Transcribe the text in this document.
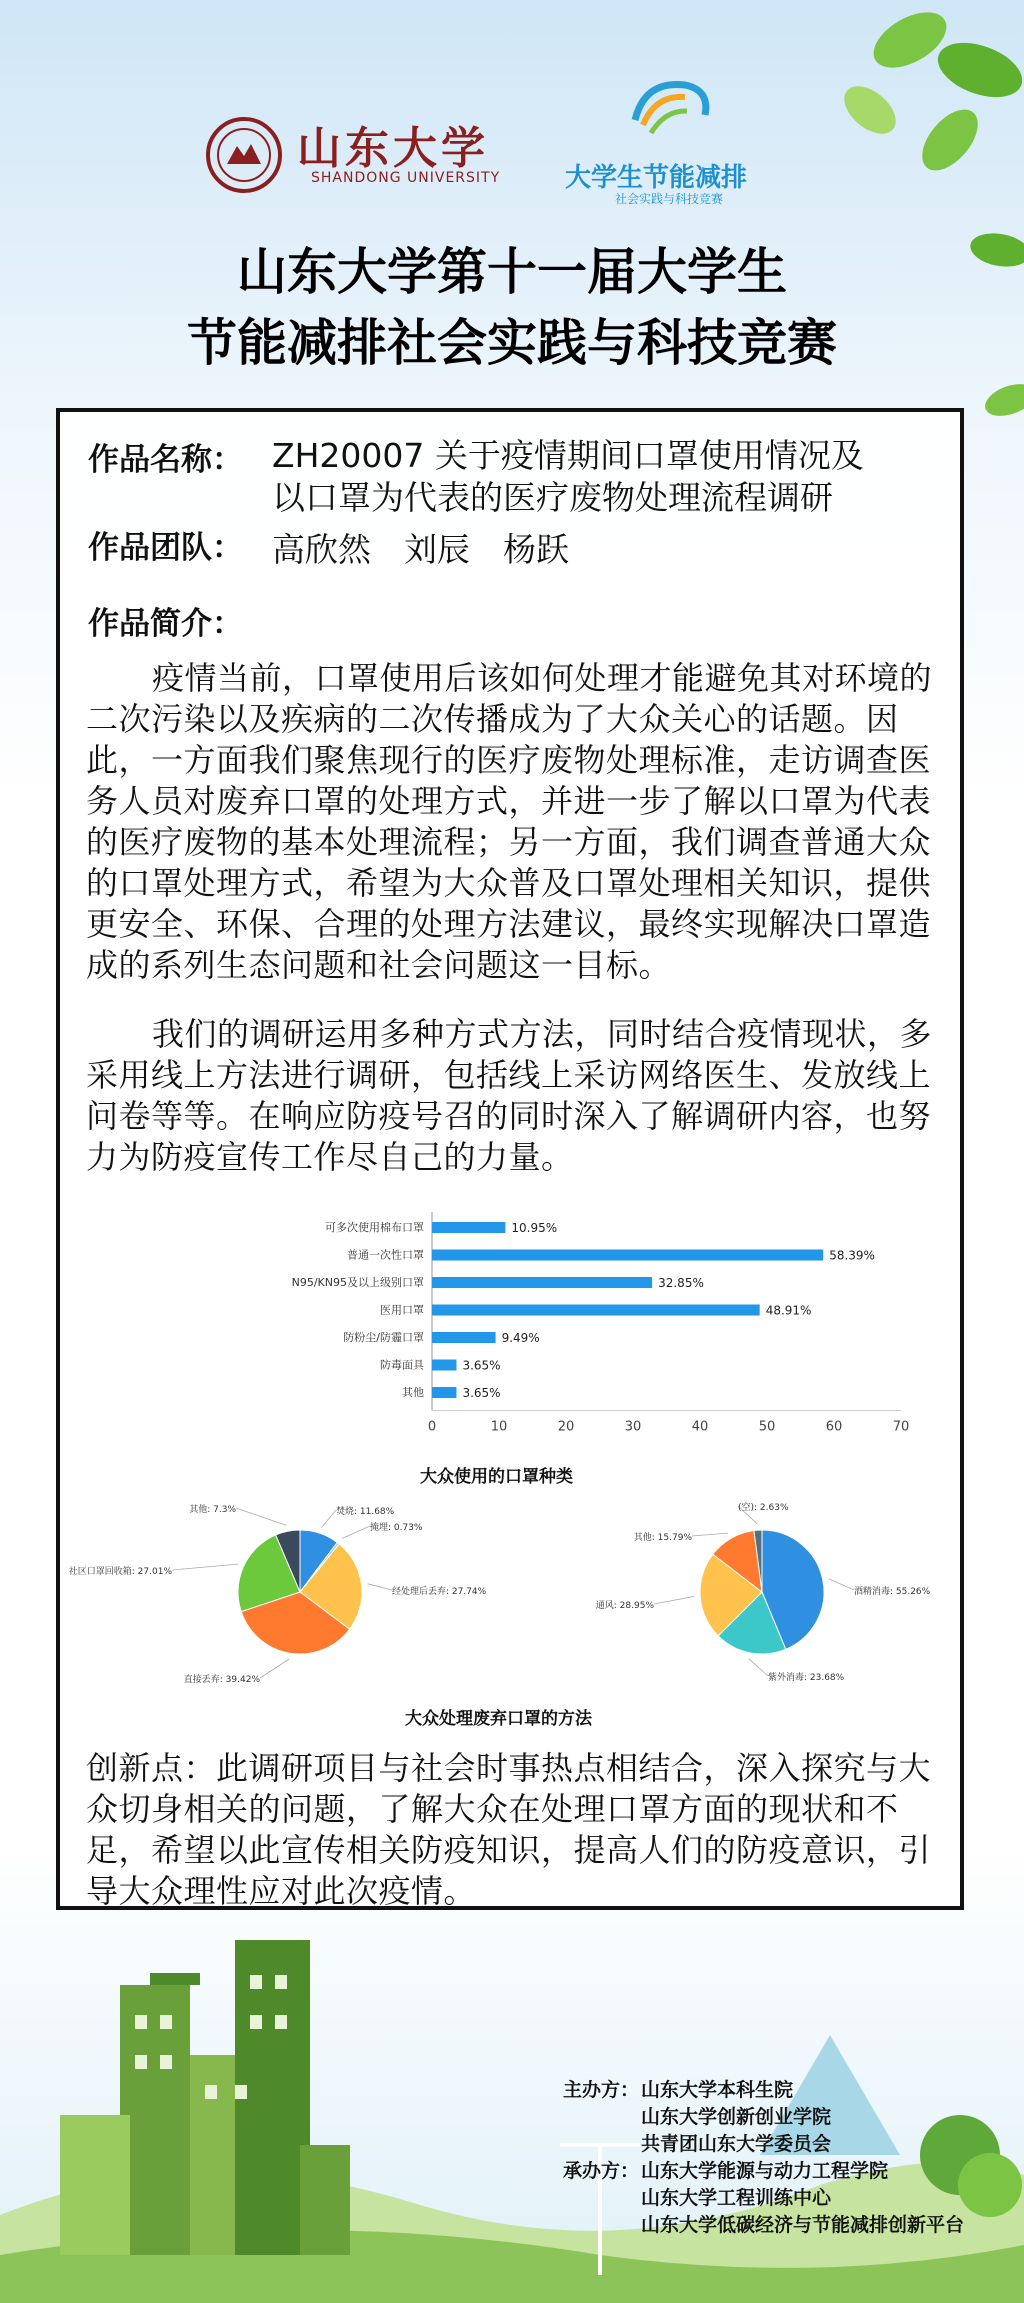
山东大学
SHANDONG UNIVERSITY 大学生节能减排
社会实践与科技竞赛
山东大学第十一届大学生
节能减排社会实践与科技竞赛
作品名称： ZH20007 关于疫情期间口罩使用情况及
以口罩为代表的医疗废物处理流程调研
作品团队： 高欣然　刘辰　杨跃
作品简介：
疫情当前，口罩使用后该如何处理才能避免其对环境的二次污染以及疾病的二次传播成为了大众关心的话题。因此，一方面我们聚焦现行的医疗废物处理标准，走访调查医务人员对废弃口罩的处理方式，并进一步了解以口罩为代表的医疗废物的基本处理流程；另一方面，我们调查普通大众的口罩处理方式，希望为大众普及口罩处理相关知识，提供更安全、环保、合理的处理方法建议，最终实现解决口罩造成的系列生态问题和社会问题这一目标。
我们的调研运用多种方式方法，同时结合疫情现状，多采用线上方法进行调研，包括线上采访网络医生、发放线上问卷等等。在响应防疫号召的同时深入了解调研内容，也努力为防疫宣传工作尽自己的力量。
可多次使用棉布口罩	10.95%
普通一次性口罩	58.39%
N95/KN95及以上级别口罩	32.85%
医用口罩	48.91%
防粉尘/防霾口罩	9.49%
防毒面具	3.65%
其他	3.65%
0	10	20	30	40	50	60	70
大众使用的口罩种类
焚烧: 11.68%
掩埋: 0.73%
经处理后丢弃: 27.74%
直接丢弃: 39.42%
社区口罩回收箱: 27.01%
其他: 7.3%
酒精消毒: 55.26%
紫外消毒: 23.68%
通风: 28.95%
其他: 15.79%
(空): 2.63%
大众处理废弃口罩的方法
创新点：此调研项目与社会时事热点相结合，深入探究与大众切身相关的问题，了解大众在处理口罩方面的现状和不足，希望以此宣传相关防疫知识，提高人们的防疫意识，引导大众理性应对此次疫情。
主办方： 山东大学本科生院
山东大学创新创业学院
共青团山东大学委员会
承办方： 山东大学能源与动力工程学院
山东大学工程训练中心
山东大学低碳经济与节能减排创新平台
